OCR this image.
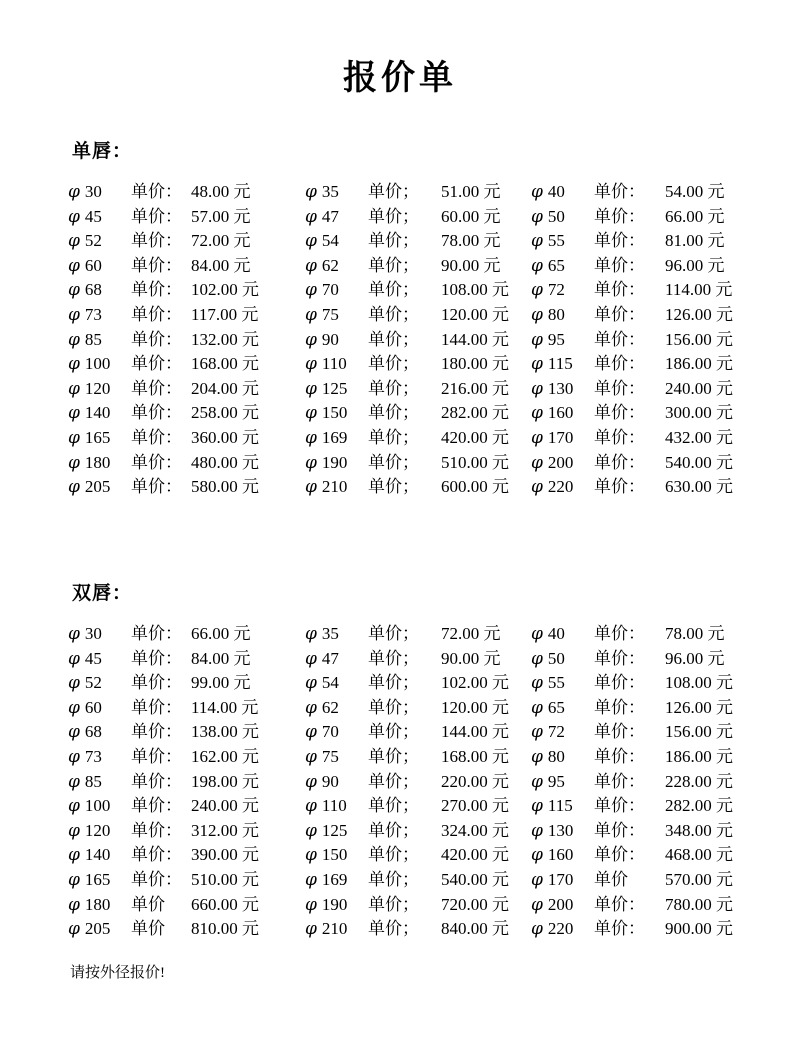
报价单
单唇：
φ 30 单价： 48.00 元	φ 35 单价； 51.00 元	φ 40 单价： 54.00 元
φ 45 单价： 57.00 元	φ 47 单价； 60.00 元	φ 50 单价： 66.00 元
φ 52 单价： 72.00 元	φ 54 单价； 78.00 元	φ 55 单价： 81.00 元
φ 60 单价： 84.00 元	φ 62 单价； 90.00 元	φ 65 单价： 96.00 元
φ 68 单价： 102.00 元	φ 70 单价； 108.00 元	φ 72 单价： 114.00 元
φ 73 单价： 117.00 元	φ 75 单价； 120.00 元	φ 80 单价： 126.00 元
φ 85 单价： 132.00 元	φ 90 单价； 144.00 元	φ 95 单价： 156.00 元
φ 100 单价： 168.00 元	φ 110 单价； 180.00 元	φ 115 单价： 186.00 元
φ 120 单价： 204.00 元	φ 125 单价； 216.00 元	φ 130 单价： 240.00 元
φ 140 单价： 258.00 元	φ 150 单价； 282.00 元	φ 160 单价： 300.00 元
φ 165 单价： 360.00 元	φ 169 单价； 420.00 元	φ 170 单价： 432.00 元
φ 180 单价： 480.00 元	φ 190 单价； 510.00 元	φ 200 单价： 540.00 元
φ 205 单价： 580.00 元	φ 210 单价； 600.00 元	φ 220 单价： 630.00 元
双唇：
φ 30 单价： 66.00 元	φ 35 单价； 72.00 元	φ 40 单价： 78.00 元
φ 45 单价： 84.00 元	φ 47 单价； 90.00 元	φ 50 单价： 96.00 元
φ 52 单价： 99.00 元	φ 54 单价； 102.00 元	φ 55 单价： 108.00 元
φ 60 单价： 114.00 元	φ 62 单价； 120.00 元	φ 65 单价： 126.00 元
φ 68 单价： 138.00 元	φ 70 单价； 144.00 元	φ 72 单价： 156.00 元
φ 73 单价： 162.00 元	φ 75 单价； 168.00 元	φ 80 单价： 186.00 元
φ 85 单价： 198.00 元	φ 90 单价； 220.00 元	φ 95 单价： 228.00 元
φ 100 单价： 240.00 元	φ 110 单价； 270.00 元	φ 115 单价： 282.00 元
φ 120 单价： 312.00 元	φ 125 单价； 324.00 元	φ 130 单价： 348.00 元
φ 140 单价： 390.00 元	φ 150 单价； 420.00 元	φ 160 单价： 468.00 元
φ 165 单价： 510.00 元	φ 169 单价； 540.00 元	φ 170 单价 570.00 元
φ 180 单价 660.00 元	φ 190 单价； 720.00 元	φ 200 单价： 780.00 元
φ 205 单价 810.00 元	φ 210 单价； 840.00 元	φ 220 单价： 900.00 元
请按外径报价!
